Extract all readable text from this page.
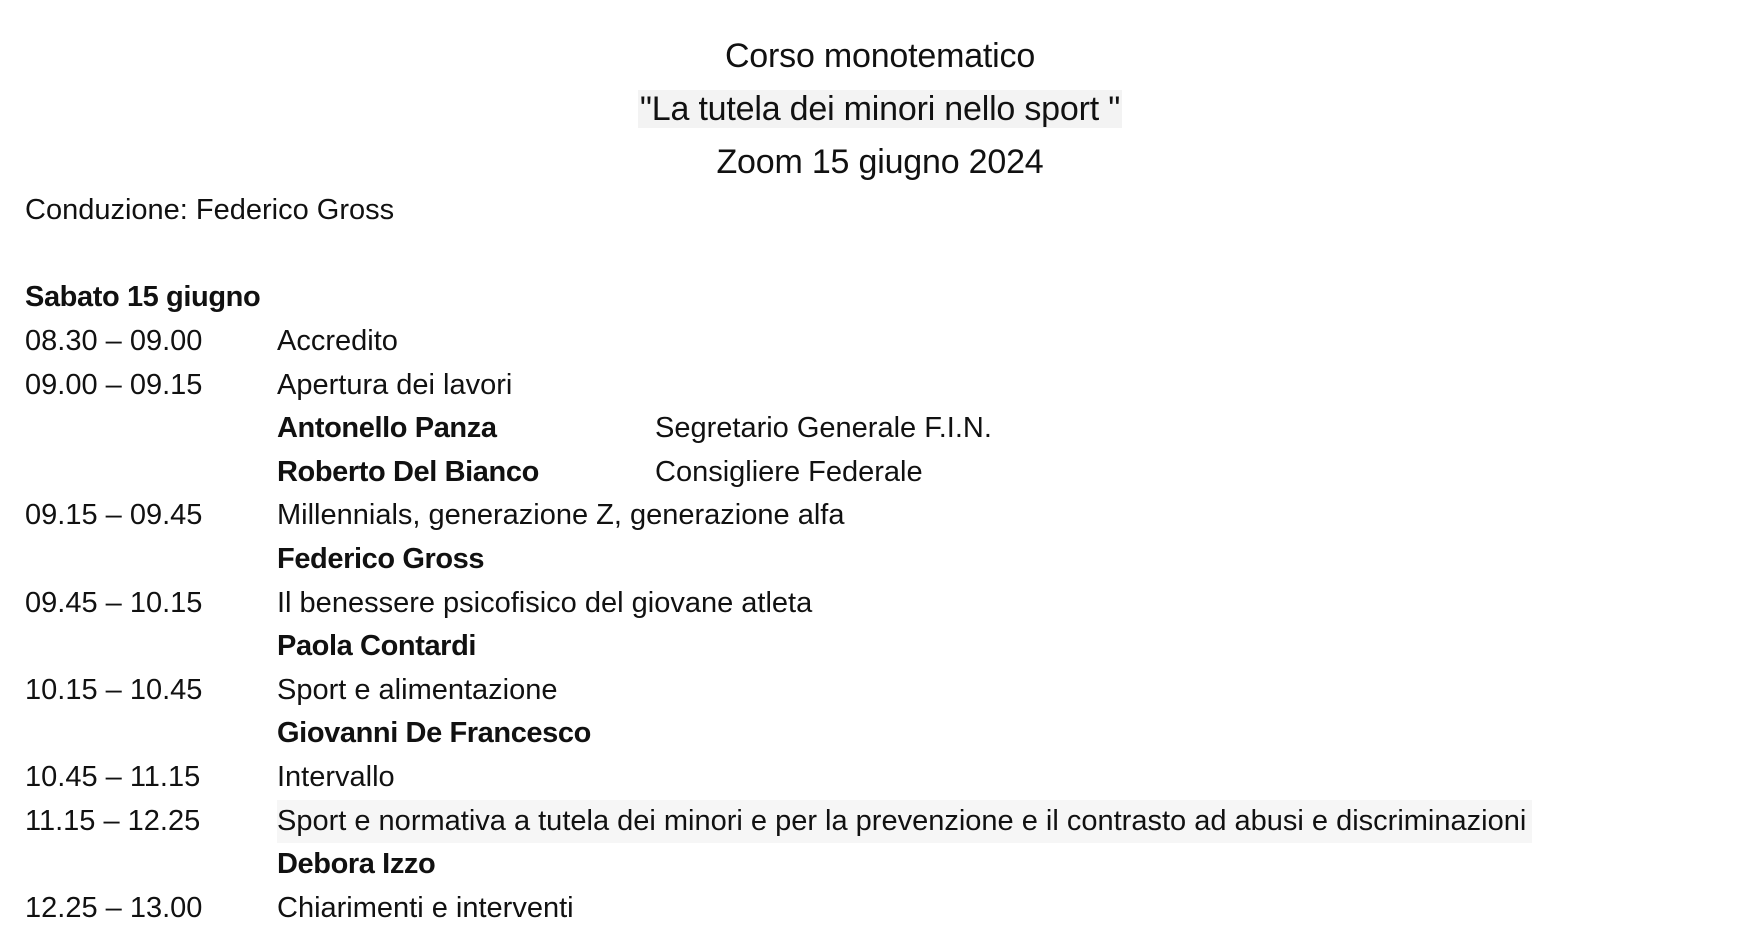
Corso monotematico
"La tutela dei minori nello sport "
Zoom 15 giugno 2024
Conduzione: Federico Gross
Sabato 15 giugno
08.30 – 09.00	Accredito
09.00 – 09.15	Apertura dei lavori
Antonello Panza	Segretario Generale F.I.N.
Roberto Del Bianco	Consigliere Federale
09.15 – 09.45	Millennials, generazione Z, generazione alfa
Federico Gross
09.45 – 10.15	Il benessere psicofisico del giovane atleta
Paola Contardi
10.15 – 10.45	Sport e alimentazione
Giovanni De Francesco
10.45 – 11.15	Intervallo
11.15 – 12.25	Sport e normativa a tutela dei minori e per la prevenzione e il contrasto ad abusi e discriminazioni
Debora Izzo
12.25 – 13.00	Chiarimenti e interventi
